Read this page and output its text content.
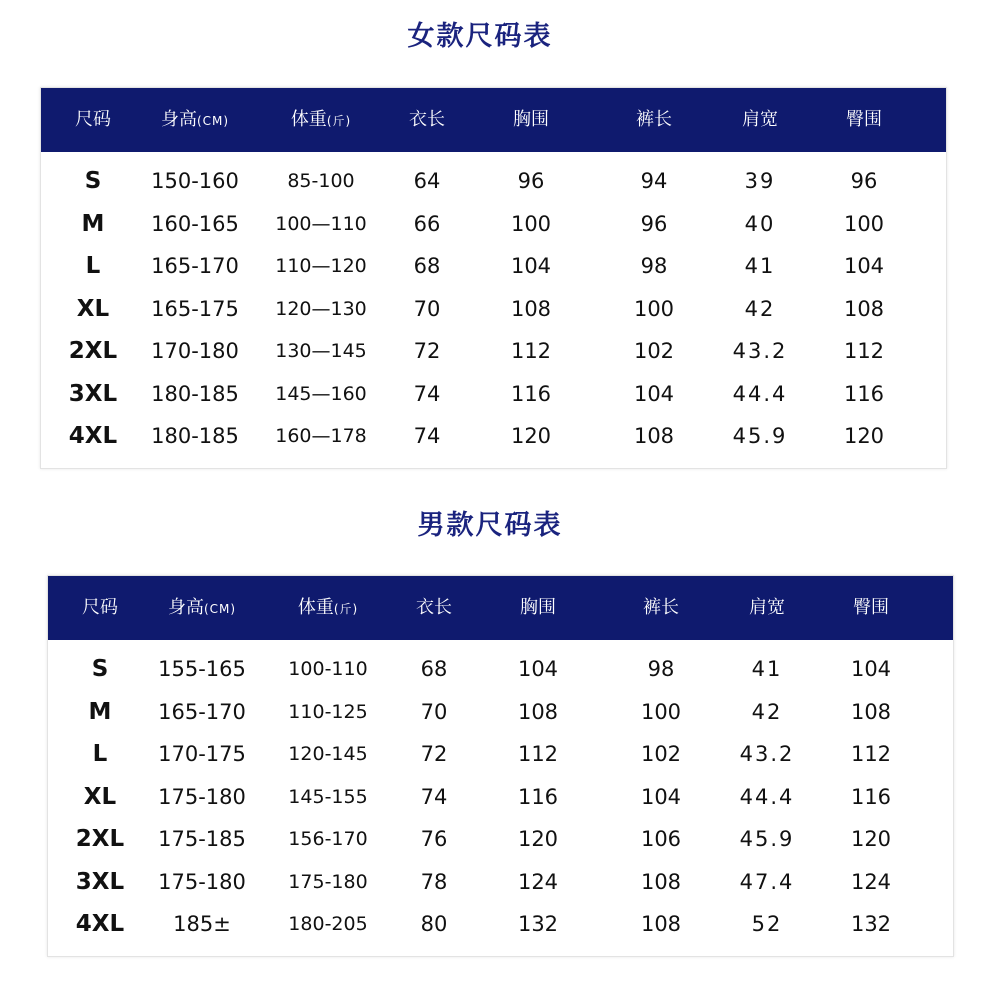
女款尺码表
尺码	身高(CM)	体重(斤)	衣长	胸围	裤长	肩宽	臀围
S 150-160	85-100	64	96	94	39	96
M 160-165 100—110 66	100	96	40	100
L 165-170 110—120 68	104	98	41	104
XL 165-175 120—130 70	108	100	42	108
2XL 170-180 130—145 72	112	102	43.2	112
3XL 180-185 145—160 74	116	104	44.4	116
4XL 180-185 160—178 74	120	108	45.9	120
男款尺码表
尺码	身高(CM)	体重(斤)	衣长	胸围	裤长	肩宽	臀围
S 155-165 100-110	68	104	98	41	104
M 165-170 110-125	70	108	100	42	108
L 170-175 120-145	72	112	102	43.2	112
XL 175-180 145-155	74	116	104	44.4	116
2XL 175-185 156-170	76	120	106	45.9	120
3XL 175-180 175-180	78	124	108	47.4	124
4XL 185±	180-205	80	132	108	52	132
